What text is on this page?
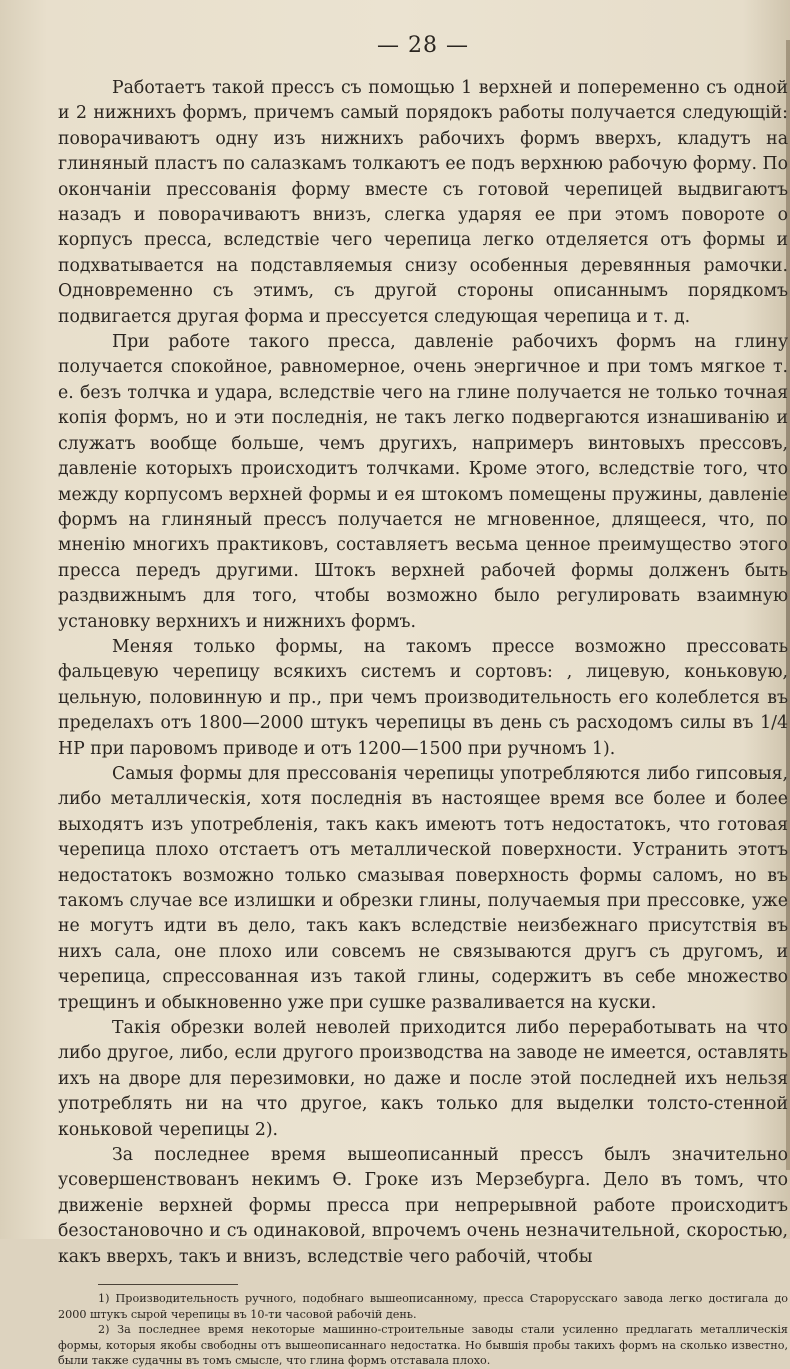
— 28 —

Работаетъ такой прессъ съ помощью 1 верхней и попеременно съ одной и 2 нижнихъ формъ, причемъ самый порядокъ работы получается следующiй: поворачиваютъ одну изъ нижнихъ рабочихъ формъ вверхъ, кладутъ на глиняный пластъ по салазкамъ толкаютъ ее подъ верхнюю рабочую форму. По окончанiи прессованiя форму вместе съ готовой черепицей выдвигаютъ назадъ и поворачиваютъ внизъ, слегка ударяя ее при этомъ повороте о корпусъ пресса, вследствiе чего черепица легко отделяется отъ формы и подхватывается на подставляемыя снизу особенныя деревянныя рамочки. Одновременно съ этимъ, съ другой стороны описаннымъ порядкомъ подвигается другая форма и прессуется следующая черепица и т. д.

При работе такого пресса, давленiе рабочихъ формъ на глину получается спокойное, равномерное, очень энергичное и при томъ мягкое т. е. безъ толчка и удара, вследствiе чего на глине получается не только точная копiя формъ, но и эти последнiя, не такъ легко подвергаются изнашиванiю и служатъ вообще больше, чемъ другихъ, напримеръ винтовыхъ прессовъ, давленiе которыхъ происходитъ толчками. Кроме этого, вследствiе того, что между корпусомъ верхней формы и ея штокомъ помещены пружины, давленiе формъ на глиняный прессъ получается не мгновенное, длящееся, что, по мненiю многихъ практиковъ, составляетъ весьма ценное преимущество этого пресса передъ другими. Штокъ верхней рабочей формы долженъ быть раздвижнымъ для того, чтобы возможно было регулировать взаимную установку верхнихъ и нижнихъ формъ.

Меняя только формы, на такомъ прессе возможно прессовать фальцевую черепицу всякихъ системъ и сортовъ: , лицевую, коньковую, цельную, половинную и пр., при чемъ производительность его колеблется въ пределахъ отъ 1800—2000 штукъ черепицы въ день съ расходомъ силы въ 1/4 HP при паровомъ приводе и отъ 1200—1500 при ручномъ 1).

Самыя формы для прессованiя черепицы употребляются либо гипсовыя, либо металлическiя, хотя последнiя въ настоящее время все более и более выходятъ изъ употребленiя, такъ какъ имеютъ тотъ недостатокъ, что готовая черепица плохо отстаетъ отъ металлической поверхности. Устранить этотъ недостатокъ возможно только смазывая поверхность формы саломъ, но въ такомъ случае все излишки и обрезки глины, получаемыя при прессовке, уже не могутъ идти въ дело, такъ какъ вследствiе неизбежнаго присутствiя въ нихъ сала, оне плохо или совсемъ не связываются другъ съ другомъ, и черепица, спрессованная изъ такой глины, содержитъ въ себе множество трещинъ и обыкновенно уже при сушке разваливается на куски.

Такiя обрезки волей неволей приходится либо переработывать на что либо другое, либо, если другого производства на заводе не имеется, оставлять ихъ на дворе для перезимовки, но даже и после этой последней ихъ нельзя употреблять ни на что другое, какъ только для выделки толсто-стенной коньковой черепицы 2).

За последнее время вышеописанный прессъ былъ значительно усовершенствованъ некимъ Ө. Гроке изъ Мерзебурга. Дело въ томъ, что движенiе верхней формы пресса при непрерывной работе происходитъ безостановочно и съ одинаковой, впрочемъ очень незначительной, скоростью, какъ вверхъ, такъ и внизъ, вследствiе чего рабочiй, чтобы

1) Производительность ручного, подобнаго вышеописанному, пресса Старорусскаго завода легко достигала до 2000 штукъ сырой черепицы въ 10-ти часовой рабочiй день.

2) За последнее время некоторые машинно-строительные заводы стали усиленно предлагать металлическiя формы, которыя якобы свободны отъ вышеописаннаго недостатка. Но бывшiя пробы такихъ формъ на сколько известно, были также судачны въ томъ смысле, что глина формъ отставала плохо.
